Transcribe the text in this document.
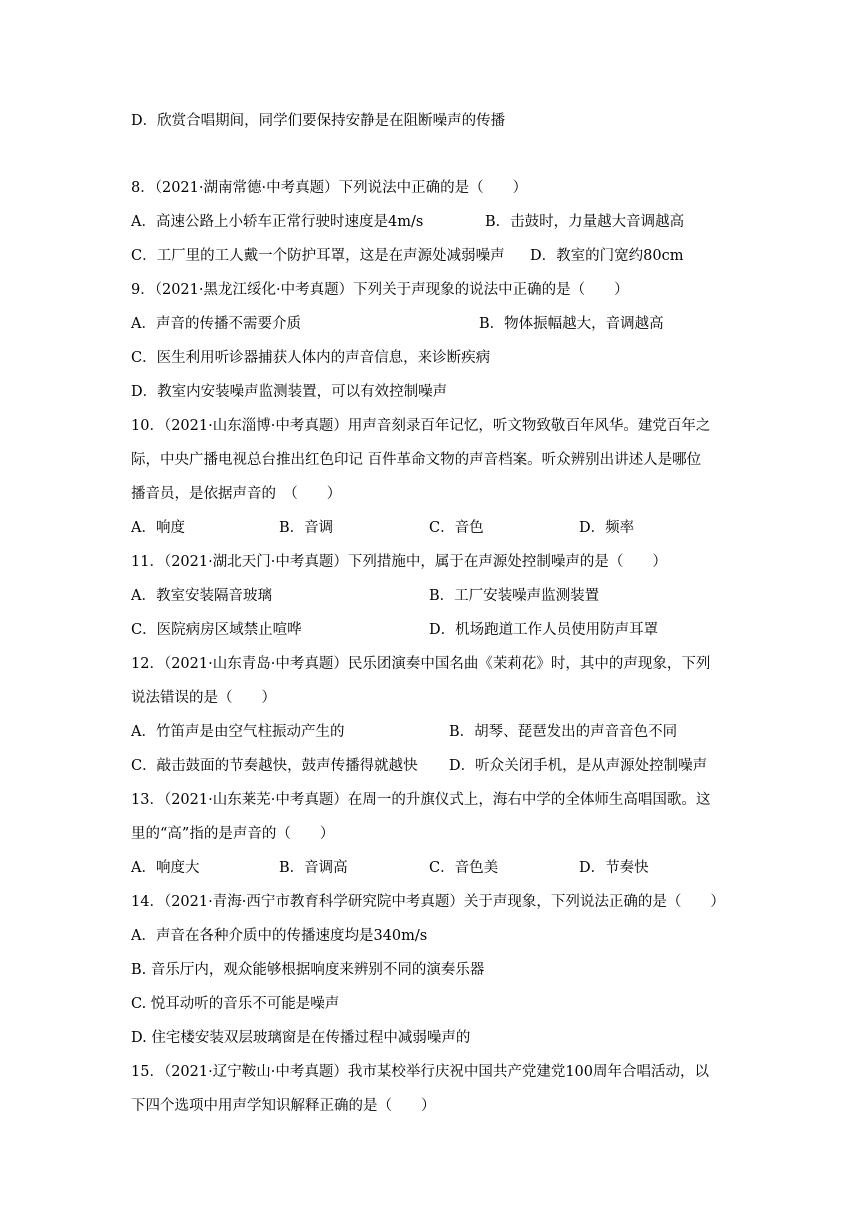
D．欣赏合唱期间，同学们要保持安静是在阻断噪声的传播
8．（2021·湖南常德·中考真题）下列说法中正确的是（　　）
A．高速公路上小轿车正常行驶时速度是4m/s	B．击鼓时，力量越大音调越高
C．工厂里的工人戴一个防护耳罩，这是在声源处减弱噪声 D．教室的门宽约80cm
9．（2021·黑龙江绥化·中考真题）下列关于声现象的说法中正确的是（　　）
A．声音的传播不需要介质	B．物体振幅越大，音调越高
C．医生利用听诊器捕获人体内的声音信息，来诊断疾病
D．教室内安装噪声监测装置，可以有效控制噪声
10．（2021·山东淄博·中考真题）用声音刻录百年记忆，听文物致敬百年风华。建党百年之
际，中央广播电视总台推出红色印记 百件革命文物的声音档案。听众辨别出讲述人是哪位
播音员，是依据声音的　（　　）
A．响度	B．音调	C．音色	D．频率
11．（2021·湖北天门·中考真题）下列措施中，属于在声源处控制噪声的是（　　）
A．教室安装隔音玻璃	B．工厂安装噪声监测装置
C．医院病房区域禁止喧哗	D．机场跑道工作人员使用防声耳罩
12．（2021·山东青岛·中考真题）民乐团演奏中国名曲《茉莉花》时，其中的声现象，下列
说法错误的是（　　）
A．竹笛声是由空气柱振动产生的	B．胡琴、琵琶发出的声音音色不同
C．敲击鼓面的节奏越快，鼓声传播得就越快 D．听众关闭手机，是从声源处控制噪声
13．（2021·山东莱芜·中考真题）在周一的升旗仪式上，海右中学的全体师生高唱国歌。这
里的“高”指的是声音的（　　）
A．响度大	B．音调高	C．音色美	D．节奏快
14．（2021·青海·西宁市教育科学研究院中考真题）关于声现象，下列说法正确的是（　　）
A．声音在各种介质中的传播速度均是340m/s
B. 音乐厅内，观众能够根据响度来辨别不同的演奏乐器
C. 悦耳动听的音乐不可能是噪声
D. 住宅楼安装双层玻璃窗是在传播过程中减弱噪声的
15．（2021·辽宁鞍山·中考真题）我市某校举行庆祝中国共产党建党100周年合唱活动，以
下四个选项中用声学知识解释正确的是（　　）
